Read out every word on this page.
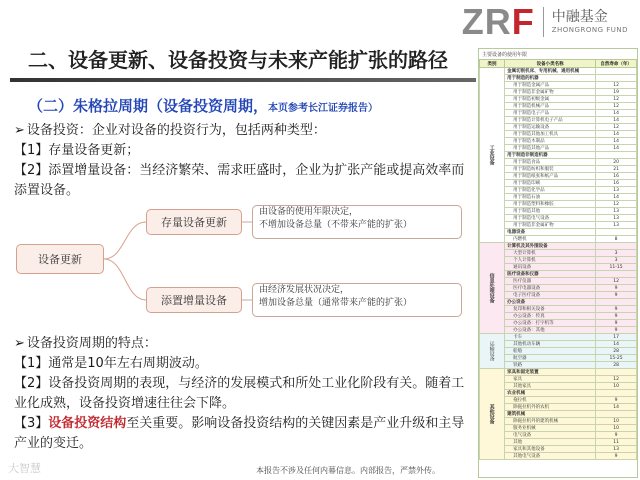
ZRF 中融基金
ZHONGRONG FUND
二、设备更新、设备投资与未来产能扩张的路径
（二）朱格拉周期（设备投资周期，本页参考长江证券报告）
➢ 设备投资：企业对设备的投资行为，包括两种类型：
【1】存量设备更新；
【2】添置增量设备：当经济繁荣、需求旺盛时，企业为扩张产能或提高效率而添置设备。
设备更新
存量设备更新
添置增量设备
由设备的使用年限决定，
不增加设备总量（不带来产能的扩张）
由经济发展状况决定，
增加设备总量（通常带来产能的扩张）
➢ 设备投资周期的特点：
【1】通常是10年左右周期波动。
【2】设备投资周期的表现，与经济的发展模式和所处工业化阶段有关。随着工业化成熟，设备投资增速往往会下降。
【3】设备投资结构至关重要。影响设备投资结构的关键因素是产业升级和主导产业的变迁。
主要设备的使用年限
类别	设备小类名称	自然寿命（年）
工业设备	金属切削机床、专用机械、通用机械	
	用于制造的机器	
	用于制造金属产品	12
	用于制造非金属矿物	19
	用于制造初级金属	12
	用于制造机械产品	12
	用于制造电子产品	14
	用于制造计算机电子产品	14
	用于制造运输设备	12
	用于制造其他加工机具	14
	用于制造木制品	14
	用于制造其他产品	14
	用于制造非制造机器	
	用于制造食品	20
	用于制造纺织和服装	21
	用于制造纸张和纸产品	16
	用于制造印刷	16
	用于制造化学品	13
	用于制造石油	14
	用于制造塑料和橡胶	12
	用于制造其他	13
	用于制造电气设备	13
	用于制造非金属矿物	13
	电器设备	
	内燃机	8
信息处理设备	计算机及其外围设备	
	大型计算机	3
	个人计算机	3
	通讯设备	11-15
	医疗设备和仪器	
	医疗仪器	12
	医疗电器设备	9
	电子医疗设备	9
	办公设备	
	复印和相关设备	9
	办公设备：传真	9
	办公设备：打字机等	9
	办公设备：其他	9
运输设备	卡车	17
	其他机动车辆	14
	船舶	28
	航空器	15-25
	铁路	28
其他设备	家具和固定装置	
	家具	12
	其他家具	10
	农业机械	
	拖拉机	9
	除拖拉机外的农机	14
	建筑机械	
	除拖拉机外的建筑机械	10
	服务业机械	10
	电气设备	9
	其他	11
	家具和其他设备	13
	其他电气设备	9
大智慧	本报告不涉及任何内幕信息。内部报告，严禁外传。
